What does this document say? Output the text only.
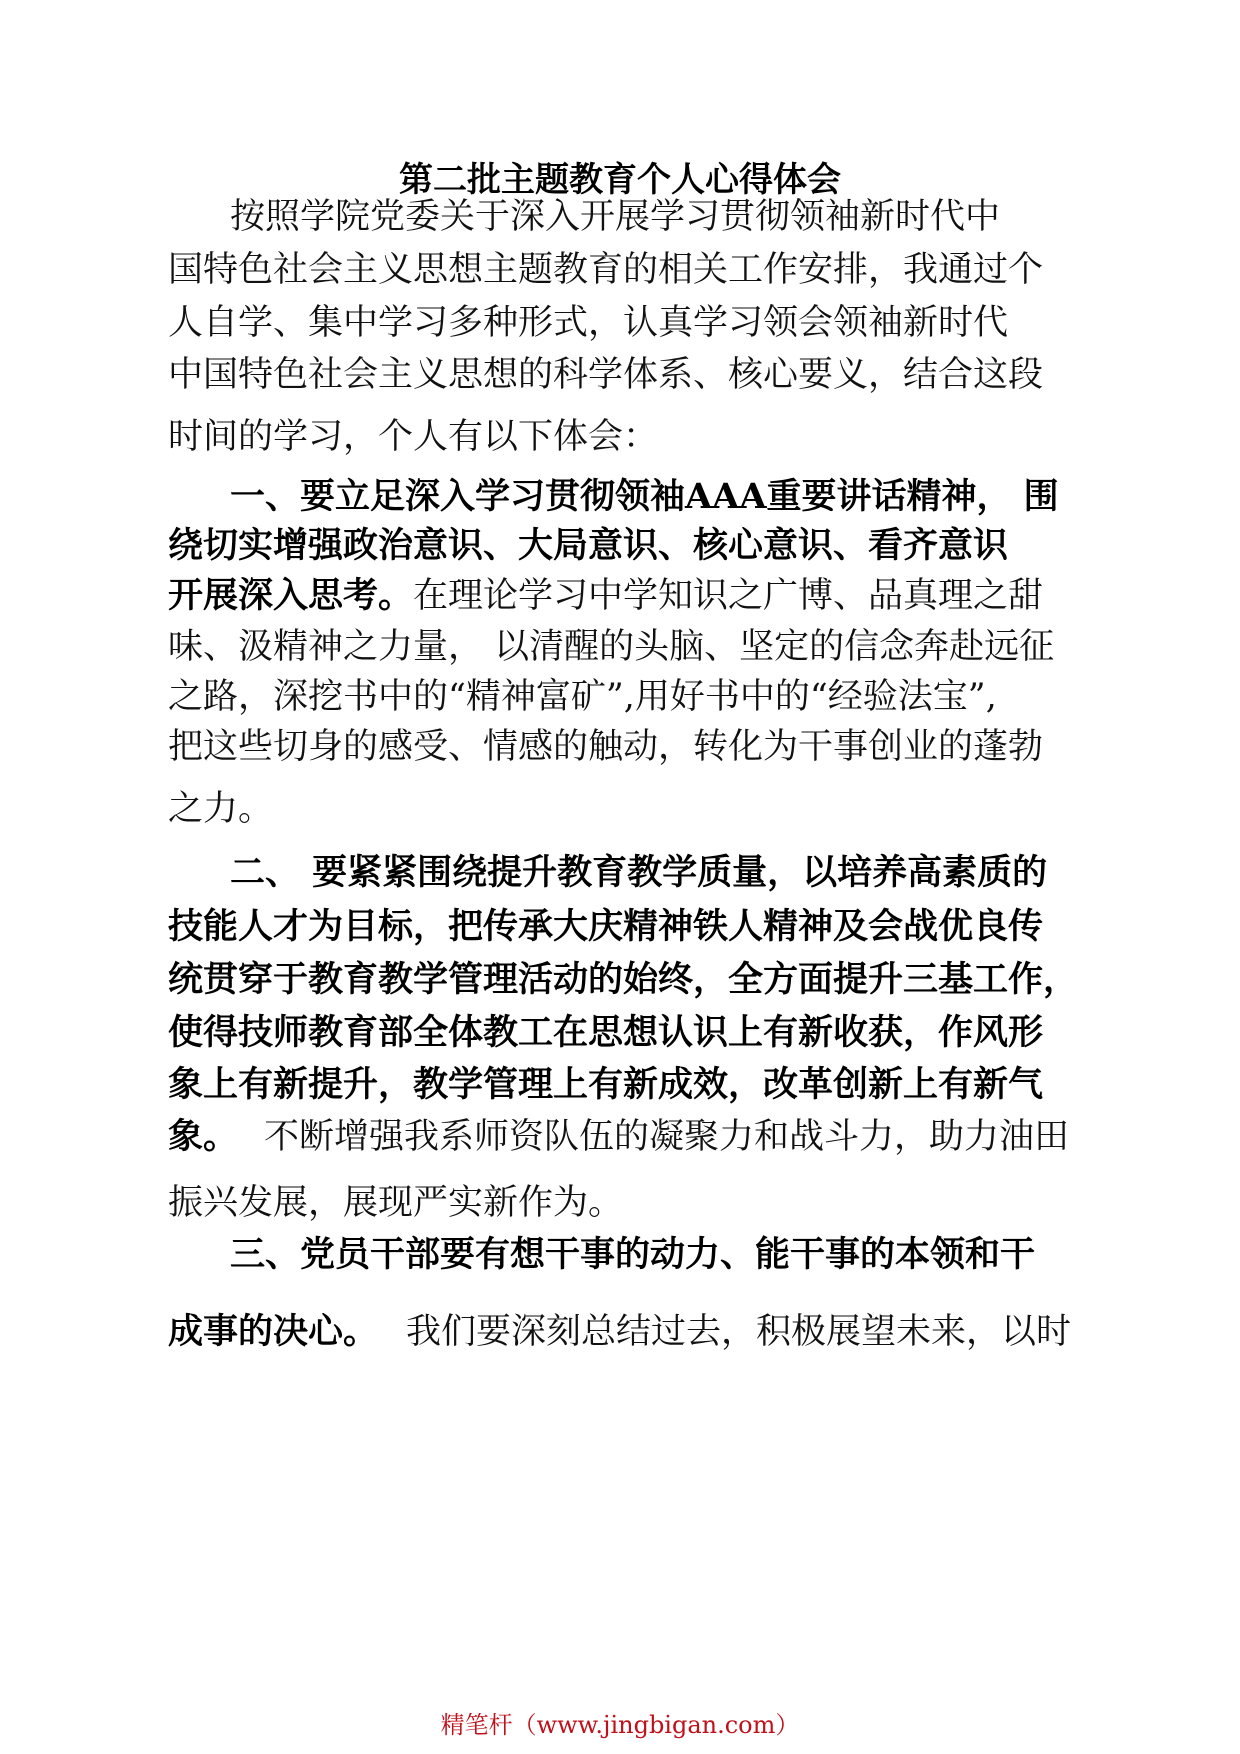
第二批主题教育个人心得体会

按照学院党委关于深入开展学习贯彻领袖新时代中

国特色社会主义思想主题教育的相关工作安排，我通过个

人自学、集中学习多种形式，认真学习领会领袖新时代

中国特色社会主义思想的科学体系、核心要义，结合这段

时间的学习，个人有以下体会：

一、要立足深入学习贯彻领袖AAA重要讲话精神， 围

绕切实增强政治意识、大局意识、核心意识、看齐意识

开展深入思考。在理论学习中学知识之广博、品真理之甜

味、汲精神之力量， 以清醒的头脑、坚定的信念奔赴远征

之路，深挖书中的“精神富矿”,用好书中的“经验法宝”,

把这些切身的感受、情感的触动，转化为干事创业的蓬勃

之力。

二、 要紧紧围绕提升教育教学质量，以培养高素质的

技能人才为目标，把传承大庆精神铁人精神及会战优良传

统贯穿于教育教学管理活动的始终，全方面提升三基工作，

使得技师教育部全体教工在思想认识上有新收获，作风形

象上有新提升，教学管理上有新成效，改革创新上有新气

象。 不断增强我系师资队伍的凝聚力和战斗力，助力油田

振兴发展，展现严实新作为。

三、党员干部要有想干事的动力、能干事的本领和干

成事的决心。 我们要深刻总结过去，积极展望未来，以时

精笔杆（www.jingbigan.com）
